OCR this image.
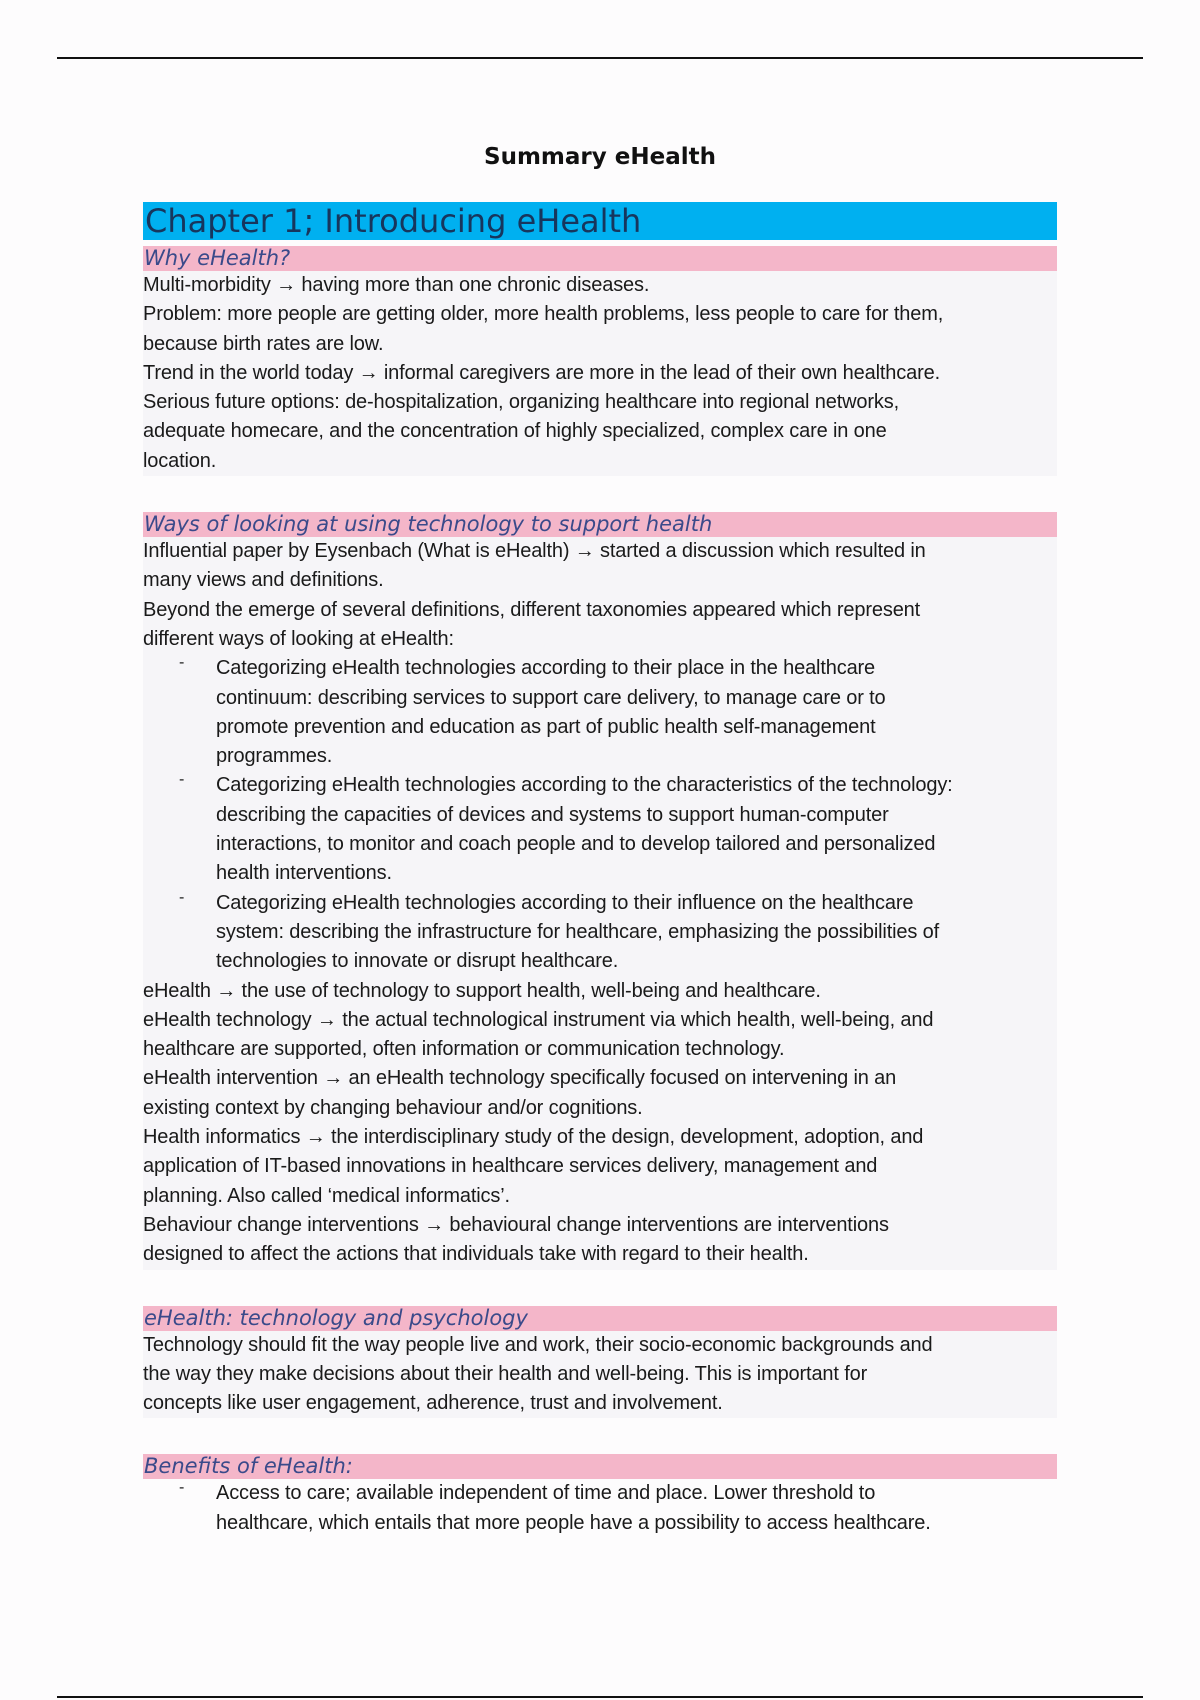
Summary eHealth
Chapter 1; Introducing eHealth
Why eHealth?

Multi-morbidity → having more than one chronic diseases.

Problem: more people are getting older, more health problems, less people to care for them,

because birth rates are low.

Trend in the world today → informal caregivers are more in the lead of their own healthcare.

Serious future options: de-hospitalization, organizing healthcare into regional networks,

adequate homecare, and the concentration of highly specialized, complex care in one

location.

Ways of looking at using technology to support health

Influential paper by Eysenbach (What is eHealth) → started a discussion which resulted in

many views and definitions.

Beyond the emerge of several definitions, different taxonomies appeared which represent

different ways of looking at eHealth:

- Categorizing eHealth technologies according to their place in the healthcare

continuum: describing services to support care delivery, to manage care or to

promote prevention and education as part of public health self-management

programmes.

- Categorizing eHealth technologies according to the characteristics of the technology:

describing the capacities of devices and systems to support human-computer

interactions, to monitor and coach people and to develop tailored and personalized

health interventions.

- Categorizing eHealth technologies according to their influence on the healthcare

system: describing the infrastructure for healthcare, emphasizing the possibilities of

technologies to innovate or disrupt healthcare.

eHealth → the use of technology to support health, well-being and healthcare.

eHealth technology → the actual technological instrument via which health, well-being, and

healthcare are supported, often information or communication technology.

eHealth intervention → an eHealth technology specifically focused on intervening in an

existing context by changing behaviour and/or cognitions.

Health informatics → the interdisciplinary study of the design, development, adoption, and

application of IT-based innovations in healthcare services delivery, management and

planning. Also called ‘medical informatics’.

Behaviour change interventions → behavioural change interventions are interventions

designed to affect the actions that individuals take with regard to their health.

eHealth: technology and psychology

Technology should fit the way people live and work, their socio-economic backgrounds and

the way they make decisions about their health and well-being. This is important for

concepts like user engagement, adherence, trust and involvement.

Benefits of eHealth:
- Access to care; available independent of time and place. Lower threshold to

healthcare, which entails that more people have a possibility to access healthcare.
